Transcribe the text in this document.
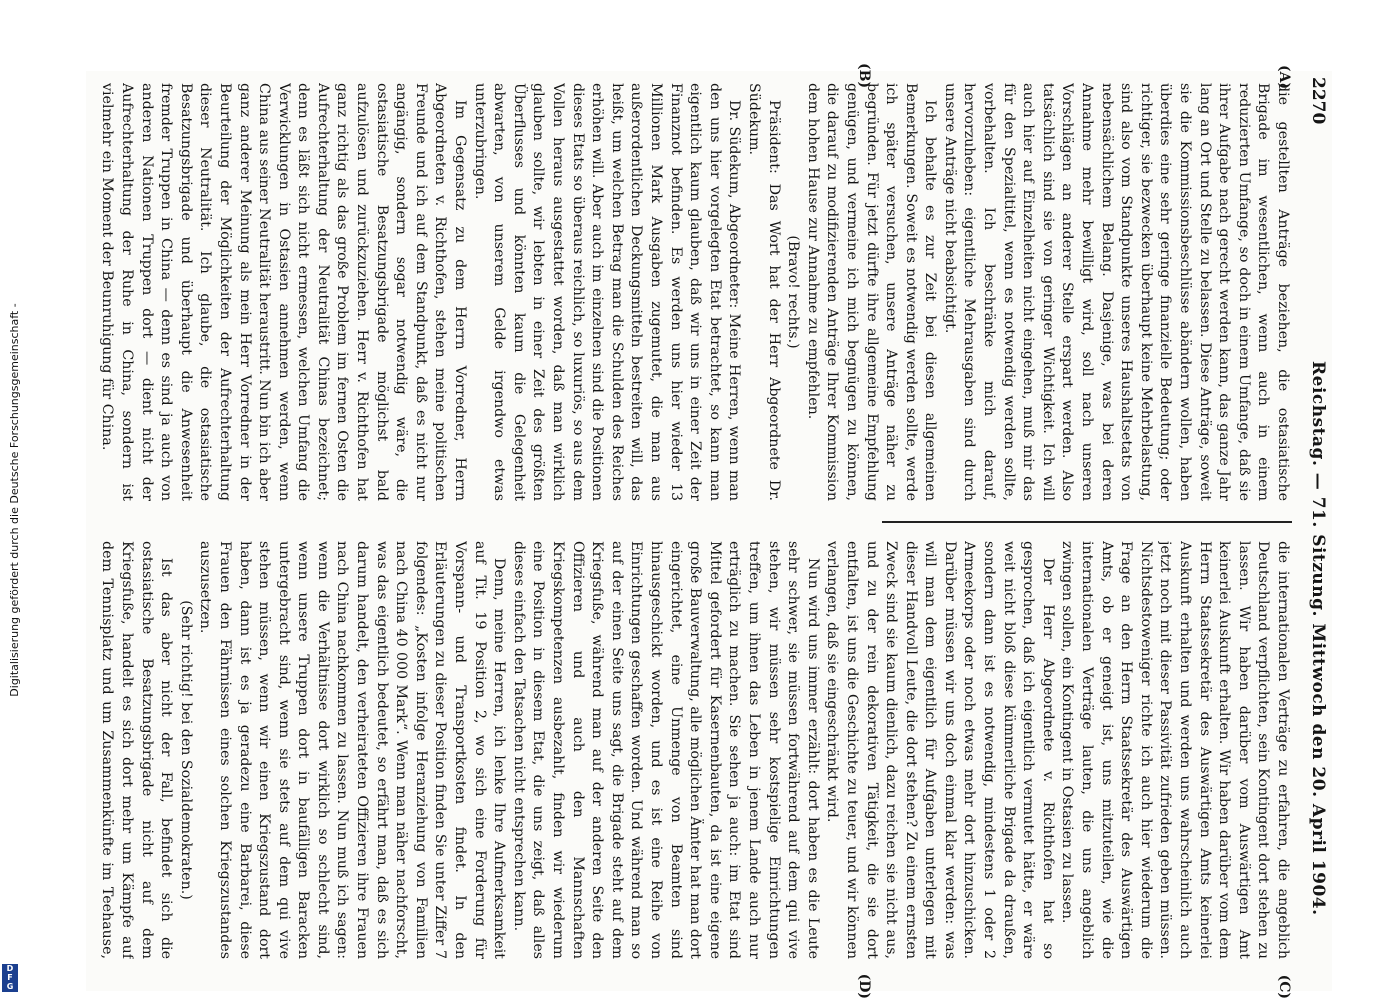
2270
Reichstag. — 71. Sitzung. Mittwoch den 20. April 1904.
(A)
(B)
(C)
(D)

die gestellten Anträge beziehen, die ostasiatische Brigade im wesentlichen, wenn auch in einem reduzierten Umfange, so doch in einem Umfange, daß sie ihrer Aufgabe nach gerecht werden kann, das ganze Jahr lang an Ort und Stelle zu belassen. Diese Anträge, soweit sie die Kommissionsbeschlüsse abändern wollen, haben überdies eine sehr geringe finanzielle Bedeutung; oder richtiger, sie bezwecken überhaupt keine Mehrbelastung, sind also vom Standpunkte unseres Haushaltsetats von nebensächlichem Belang. Dasjenige, was bei deren Annahme mehr bewilligt wird, soll nach unseren Vorschlägen an anderer Stelle erspart werden. Also tatsächlich sind sie von geringer Wichtigkeit. Ich will auch hier auf Einzelheiten nicht eingehen, muß mir das für den Spezialtitel, wenn es notwendig werden sollte, vorbehalten. Ich beschränke mich darauf, hervorzuheben: eigentliche Mehrausgaben sind durch unsere Anträge nicht beabsichtigt.

Ich behalte es zur Zeit bei diesen allgemeinen Bemerkungen. Soweit es notwendig werden sollte, werde ich später versuchen, unsere Anträge näher zu begründen. Für jetzt dürfte ihre allgemeine Empfehlung genügen, und vermeine ich mich begnügen zu können, die darauf zu modifizierenden Anträge Ihrer Kommission dem hohen Hause zur Annahme zu empfehlen.

(Bravo! rechts.)

Präsident: Das Wort hat der Herr Abgeordnete Dr. Südekum.

Dr. Südekum, Abgeordneter: Meine Herren, wenn man den uns hier vorgelegten Etat betrachtet, so kann man eigentlich kaum glauben, daß wir uns in einer Zeit der Finanznot befinden. Es werden uns hier wieder 13 Millionen Mark Ausgaben zugemutet, die man aus außerordentlichen Deckungsmitteln bestreiten will, das heißt, um welchen Betrag man die Schulden des Reiches erhöhen will. Aber auch im einzelnen sind die Positionen dieses Etats so überaus reichlich, so luxuriös, so aus dem Vollen heraus ausgestattet worden, daß man wirklich glauben sollte, wir lebten in einer Zeit des größten Überflusses und könnten kaum die Gelegenheit abwarten, von unserem Gelde irgendwo etwas unterzubringen.

Im Gegensatz zu dem Herrn Vorredner, Herrn Abgeordneten v. Richthofen, stehen meine politischen Freunde und ich auf dem Standpunkt, daß es nicht nur angängig, sondern sogar notwendig wäre, die ostasiatische Besatzungsbrigade möglichst bald aufzulösen und zurückzuziehen. Herr v. Richthofen hat ganz richtig als das große Problem im fernen Osten die Aufrechterhaltung der Neutralität Chinas bezeichnet; denn es läßt sich nicht ermessen, welchen Umfang die Verwicklungen in Ostasien annehmen werden, wenn China aus seiner Neutralität heraustritt. Nun bin ich aber ganz anderer Meinung als mein Herr Vorredner in der Beurteilung der Möglichkeiten der Aufrechterhaltung dieser Neutralität. Ich glaube, die ostasiatische Besatzungsbrigade und überhaupt die Anwesenheit fremder Truppen in China — denn es sind ja auch von anderen Nationen Truppen dort — dient nicht der Aufrechterhaltung der Ruhe in China, sondern ist vielmehr ein Moment der Beunruhigung für China.

die internationalen Verträge zu erfahren, die angeblich Deutschland verpflichten, sein Kontingent dort stehen zu lassen. Wir haben darüber vom Auswärtigen Amt keinerlei Auskunft erhalten. Wir haben darüber vom dem Herrn Staatssekretär des Auswärtigen Amts keinerlei Auskunft erhalten und werden uns wahrscheinlich auch jetzt noch mit dieser Passivität zufrieden geben müssen. Nichtsdestoweniger richte ich auch hier wiederum die Frage an den Herrn Staatssekretär des Auswärtigen Amts, ob er geneigt ist, uns mitzuteilen, wie die internationalen Verträge lauten, die uns angeblich zwingen sollen, ein Kontingent in Ostasien zu lassen.

Der Herr Abgeordnete v. Richthofen hat so gesprochen, daß ich eigentlich vermutet hätte, er wäre weit nicht bloß diese kümmerliche Brigade da draußen, sondern dann ist es notwendig, mindestens 1 oder 2 Armeekorps oder noch etwas mehr dort hinzuschicken. Darüber müssen wir uns doch einmal klar werden: was will man dem eigentlich für Aufgaben unterlegen mit dieser Handvoll Leute, die dort stehen? Zu einem ernsten Zweck sind sie kaum dienlich, dazu reichen sie nicht aus, und zu der rein dekorativen Tätigkeit, die sie dort entfalten, ist uns die Geschichte zu teuer, und wir können verlangen, daß sie eingeschränkt wird.

Nun wird uns immer erzählt: dort haben es die Leute sehr schwer, sie müssen fortwährend auf dem qui vive stehen, wir müssen sehr kostspielige Einrichtungen treffen, um ihnen das Leben in jenem Lande auch nur erträglich zu machen. Sie sehen ja auch: im Etat sind Mittel gefordert für Kasernenbauten, da ist eine eigene große Bauverwaltung, alle möglichen Ämter hat man dort eingerichtet, eine Unmenge von Beamten sind hinausgeschickt worden, und es ist eine Reihe von Einrichtungen geschaffen worden. Und während man so auf der einen Seite uns sagt, die Brigade steht auf dem Kriegsfuße, während man auf der anderen Seite den Offizieren und auch den Mannschaften Kriegskompetenzen ausbezahlt, finden wir wiederum eine Position in diesem Etat, die uns zeigt, daß alles dieses einfach den Tatsachen nicht entsprechen kann.

Denn, meine Herren, ich lenke Ihre Aufmerksamkeit auf Tit. 19 Position 2, wo sich eine Forderung für Vorspann- und Transportkosten findet. In den Erläuterungen zu dieser Position finden Sie unter Ziffer 7 folgendes: „Kosten infolge Heranziehung von Familien nach China 40 000 Mark“. Wenn man näher nachforscht, was das eigentlich bedeutet, so erfährt man, daß es sich darum handelt, den verheirateten Offizieren ihre Frauen nach China nachkommen zu lassen. Nun muß ich sagen: wenn die Verhältnisse dort wirklich so schlecht sind, wenn unsere Truppen dort in baufälligen Baracken untergebracht sind, wenn sie stets auf dem qui vive stehen müssen, wenn wir einen Kriegszustand dort haben, dann ist es ja geradezu eine Barbarei, diese Frauen den Fährnissen eines solchen Kriegszustandes auszusetzen.

(Sehr richtig! bei den Sozialdemokraten.)

Ist das aber nicht der Fall, befindet sich die ostasiatische Besatzungsbrigade nicht auf dem Kriegsfuße, handelt es sich dort mehr um Kämpfe auf dem Tennisplatz und um Zusammenkünfte im Teehause,

Digitalisierung gefördert durch die Deutsche Forschungsgemeinschaft -
D
F
G
